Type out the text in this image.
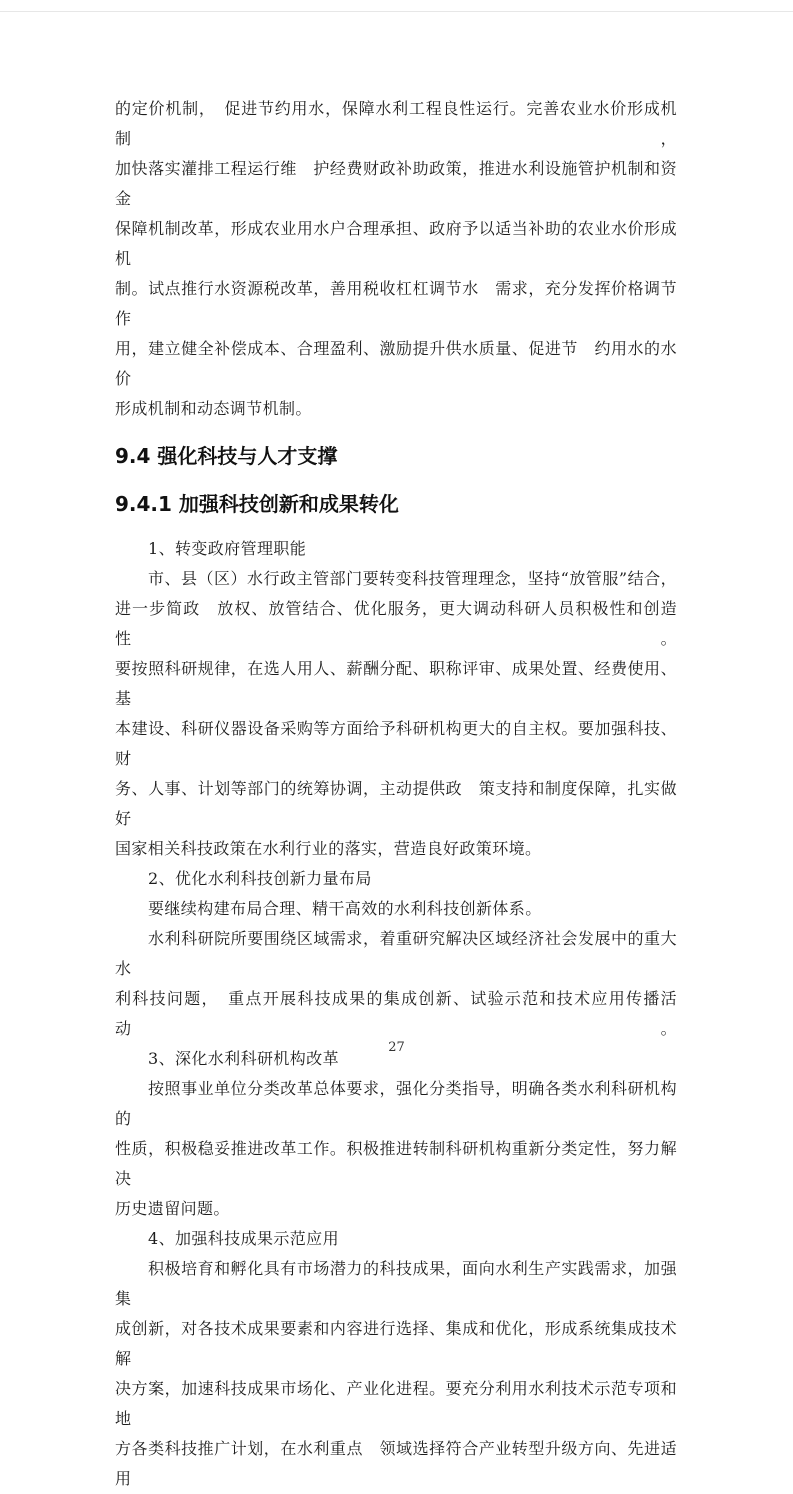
的定价机制，　促进节约用水，保障水利工程良性运行。完善农业水价形成机制，

加快落实灌排工程运行维　护经费财政补助政策，推进水利设施管护机制和资金

保障机制改革，形成农业用水户合理承担、政府予以适当补助的农业水价形成机

制。试点推行水资源税改革，善用税收杠杠调节水　需求，充分发挥价格调节作

用，建立健全补偿成本、合理盈利、激励提升供水质量、促进节　约用水的水价

形成机制和动态调节机制。

9.4 强化科技与人才支撑
9.4.1 加强科技创新和成果转化

1、转变政府管理职能

市、县（区）水行政主管部门要转变科技管理理念，坚持“放管服”结合，

进一步简政　放权、放管结合、优化服务，更大调动科研人员积极性和创造性。

要按照科研规律，在选人用人、薪酬分配、职称评审、成果处置、经费使用、基

本建设、科研仪器设备采购等方面给予科研机构更大的自主权。要加强科技、财

务、人事、计划等部门的统筹协调，主动提供政　策支持和制度保障，扎实做好

国家相关科技政策在水利行业的落实，营造良好政策环境。

2、优化水利科技创新力量布局

要继续构建布局合理、精干高效的水利科技创新体系。

水利科研院所要围绕区域需求，着重研究解决区域经济社会发展中的重大水

利科技问题，　重点开展科技成果的集成创新、试验示范和技术应用传播活动。

3、深化水利科研机构改革

按照事业单位分类改革总体要求，强化分类指导，明确各类水利科研机构的

性质，积极稳妥推进改革工作。积极推进转制科研机构重新分类定性，努力解决

历史遗留问题。

4、加强科技成果示范应用

积极培育和孵化具有市场潜力的科技成果，面向水利生产实践需求，加强集

成创新，对各技术成果要素和内容进行选择、集成和优化，形成系统集成技术解

决方案，加速科技成果市场化、产业化进程。要充分利用水利技术示范专项和地

方各类科技推广计划，在水利重点　领域选择符合产业转型升级方向、先进适用

27
